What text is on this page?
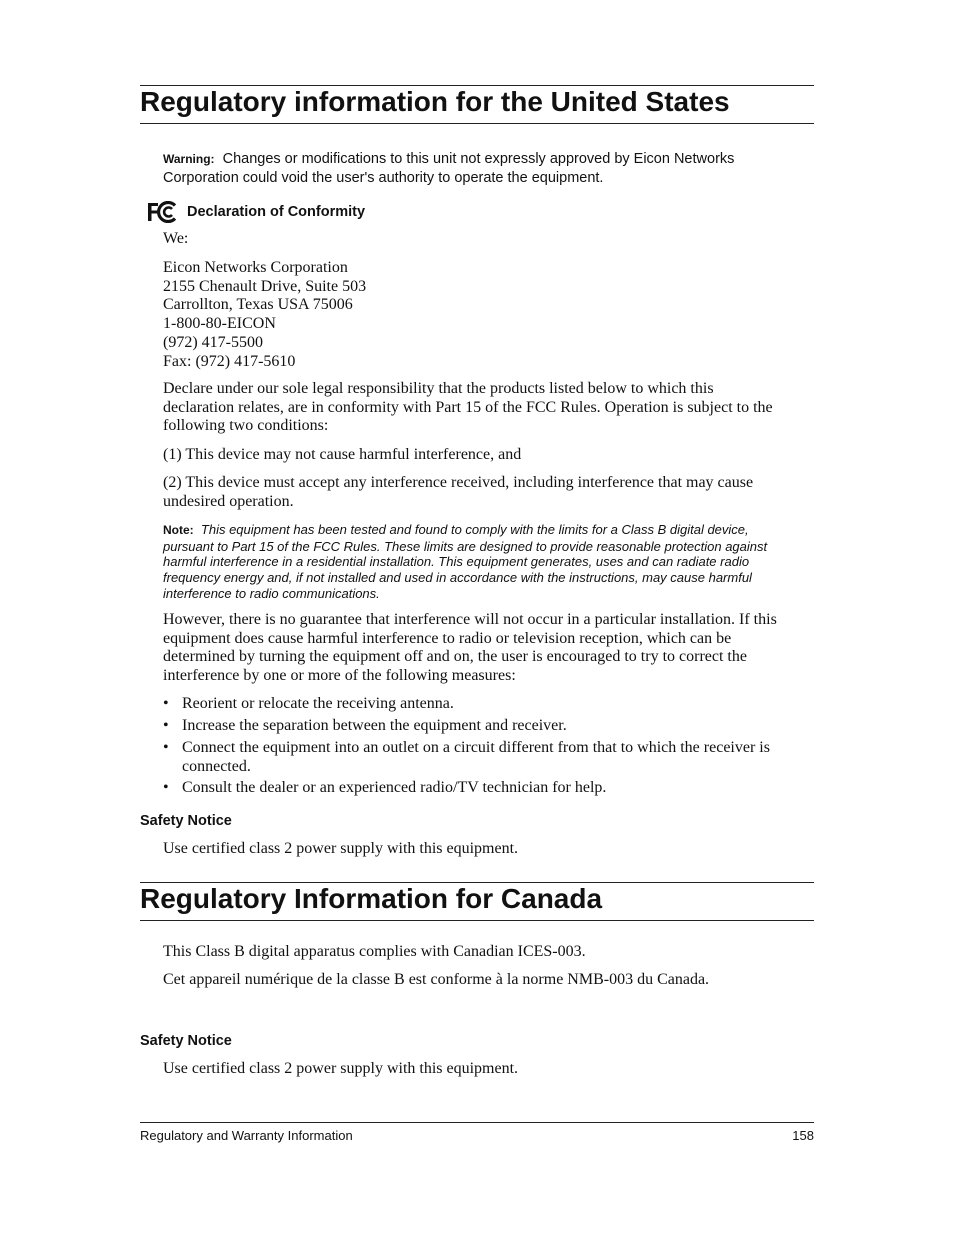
Regulatory information for the United States
Warning: Changes or modifications to this unit not expressly approved by Eicon Networks
Corporation could void the user's authority to operate the equipment.
Declaration of Conformity
We:
Eicon Networks Corporation
2155 Chenault Drive, Suite 503
Carrollton, Texas USA 75006
1-800-80-EICON
(972) 417-5500
Fax: (972) 417-5610
Declare under our sole legal responsibility that the products listed below to which this
declaration relates, are in conformity with Part 15 of the FCC Rules. Operation is subject to the
following two conditions:
(1) This device may not cause harmful interference, and
(2) This device must accept any interference received, including interference that may cause
undesired operation.
Note: This equipment has been tested and found to comply with the limits for a Class B digital device,
pursuant to Part 15 of the FCC Rules. These limits are designed to provide reasonable protection against
harmful interference in a residential installation. This equipment generates, uses and can radiate radio
frequency energy and, if not installed and used in accordance with the instructions, may cause harmful
interference to radio communications.
However, there is no guarantee that interference will not occur in a particular installation. If this
equipment does cause harmful interference to radio or television reception, which can be
determined by turning the equipment off and on, the user is encouraged to try to correct the
interference by one or more of the following measures:
• Reorient or relocate the receiving antenna.
• Increase the separation between the equipment and receiver.
• Connect the equipment into an outlet on a circuit different from that to which the receiver is
connected.
• Consult the dealer or an experienced radio/TV technician for help.
Safety Notice
Use certified class 2 power supply with this equipment.
Regulatory Information for Canada
This Class B digital apparatus complies with Canadian ICES-003.
Cet appareil numérique de la classe B est conforme à la norme NMB-003 du Canada.
Safety Notice
Use certified class 2 power supply with this equipment.
Regulatory and Warranty Information	158
